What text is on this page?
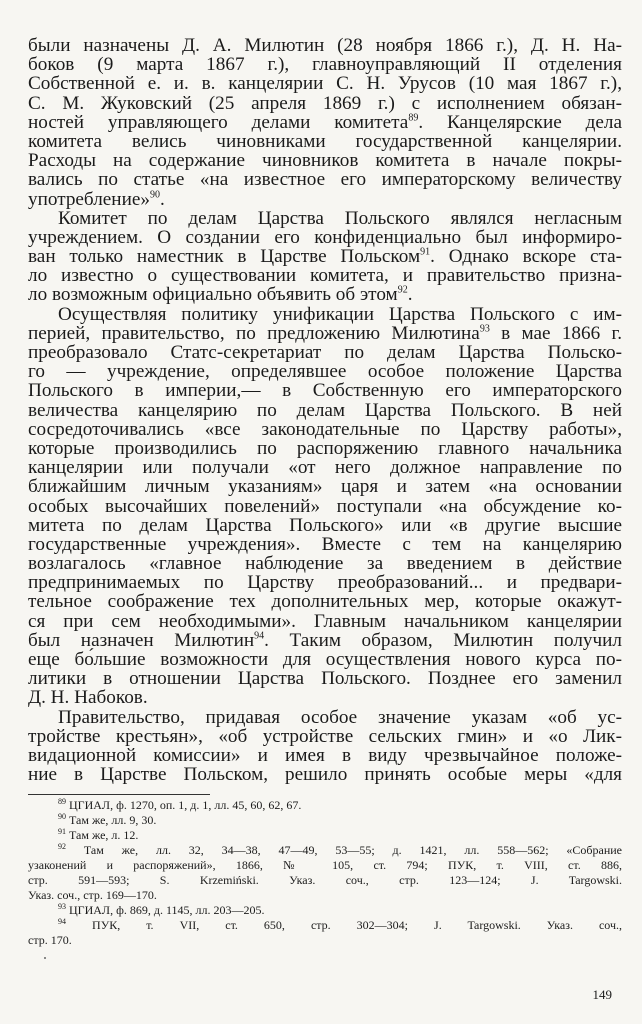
были назначены Д. А. Милютин (28 ноября 1866 г.), Д. Н. На-
боков (9 марта 1867 г.), главноуправляющий II отделения
Собственной е. и. в. канцелярии С. Н. Урусов (10 мая 1867 г.),
С. М. Жуковский (25 апреля 1869 г.) с исполнением обязан-
ностей управляющего делами комитета$^{89}$. Канцелярские дела
комитета велись чиновниками государственной канцелярии.
Расходы на содержание чиновников комитета в начале покры-
вались по статье «на известное его императорскому величеству
употребление»$^{90}$.
Комитет по делам Царства Польского являлся негласным
учреждением. О создании его конфиденциально был информиро-
ван только наместник в Царстве Польском$^{91}$. Однако вскоре ста-
ло известно о существовании комитета, и правительство призна-
ло возможным официально объявить об этом$^{92}$.
Осуществляя политику унификации Царства Польского с им-
перией, правительство, по предложению Милютина$^{93}$ в мае 1866 г.
преобразовало Статс-секретариат по делам Царства Польско-
го — учреждение, определявшее особое положение Царства
Польского в империи,— в Собственную его императорского
величества канцелярию по делам Царства Польского. В ней
сосредоточивались «все законодательные по Царству работы»,
которые производились по распоряжению главного начальника
канцелярии или получали «от него должное направление по
ближайшим личным указаниям» царя и затем «на основании
особых высочайших повелений» поступали «на обсуждение ко-
митета по делам Царства Польского» или «в другие высшие
государственные учреждения». Вместе с тем на канцелярию
возлагалось «главное наблюдение за введением в действие
предпринимаемых по Царству преобразований... и предвари-
тельное соображение тех дополнительных мер, которые окажут-
ся при сем необходимыми». Главным начальником канцелярии
был назначен Милютин$^{94}$. Таким образом, Милютин получил
еще бо́льшие возможности для осуществления нового курса по-
литики в отношении Царства Польского. Позднее его заменил
Д. Н. Набоков.
Правительство, придавая особое значение указам «об ус-
тройстве крестьян», «об устройстве сельских гмин» и «о Лик-
видационной комиссии» и имея в виду чрезвычайное положе-
ние в Царстве Польском, решило принять особые меры «для
$^{89}$ ЦГИАЛ, ф. 1270, оп. 1, д. 1, лл. 45, 60, 62, 67.
$^{90}$ Там же, лл. 9, 30.
$^{91}$ Там же, л. 12.
$^{92}$ Там же, лл. 32, 34—38, 47—49, 53—55; д. 1421, лл. 558—562; «Собрание
узаконений и распоряжений», 1866, № 105, ст. 794; ПУК, т. VIII, ст. 886,
стр. 591—593; S. Krzemiński. Указ. соч., стр. 123—124; J. Targowski.
Указ. соч., стр. 169—170.
$^{93}$ ЦГИАЛ, ф. 869, д. 1145, лл. 203—205.
$^{94}$ ПУК, т. VII, ст. 650, стр. 302—304; J. Targowski. Указ. соч.,
стр. 170.
149
